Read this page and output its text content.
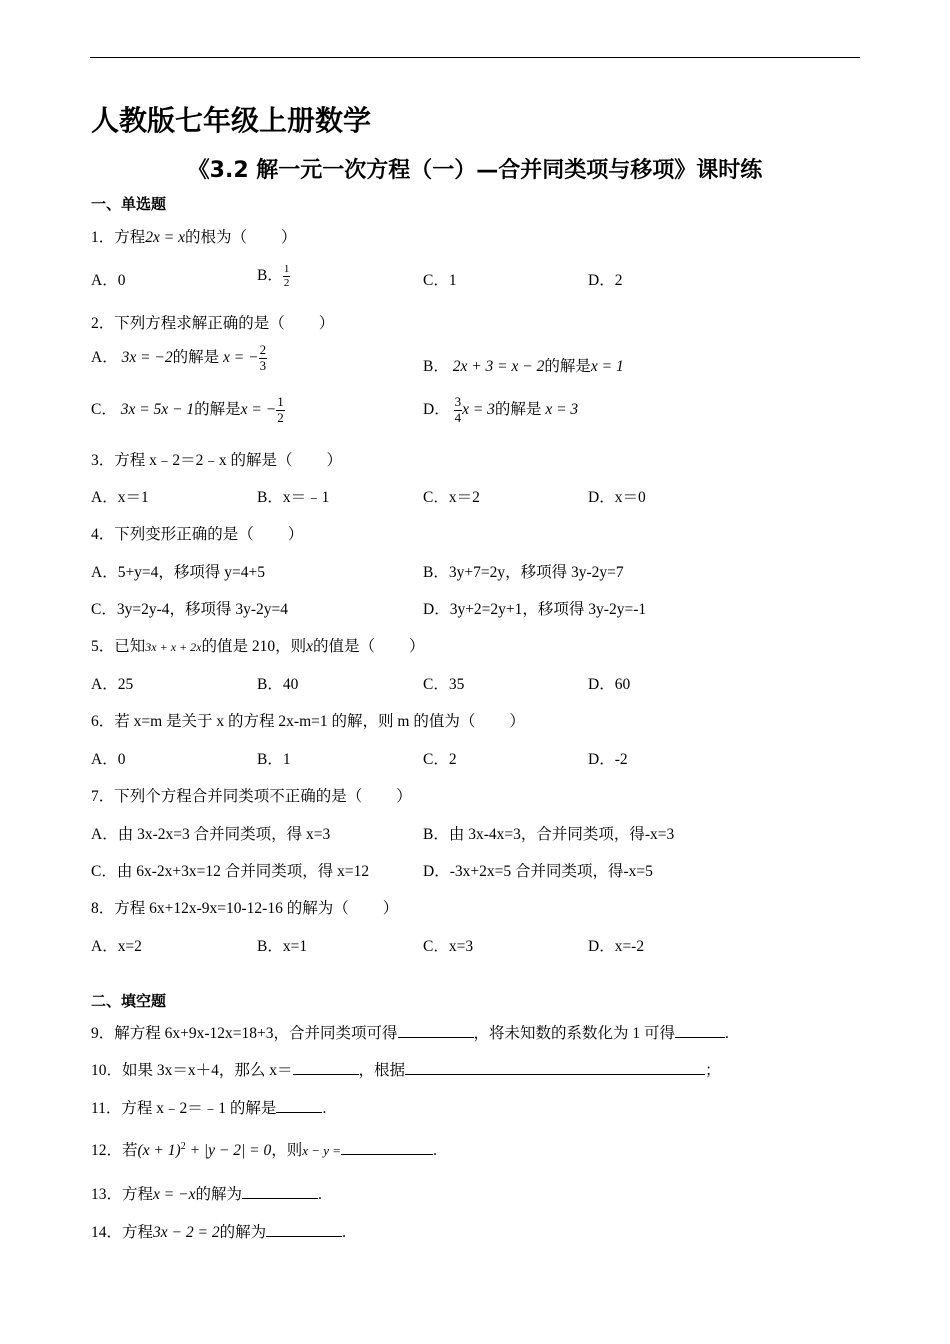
人教版七年级上册数学
《3.2 解一元一次方程（一）—合并同类项与移项》课时练
一、单选题
1．方程2x = x的根为（ ）
A．0	B． $\frac{1}{2}$	C．1	D．2
2．下列方程求解正确的是（ ）
A． 3x = −2的解是 x = − $\frac{2}{3}$	B． 2x + 3 = x − 2的解是x = 1
C． 3x = 5x − 1的解是x = − $\frac{1}{2}$	D． $\frac{3}{4}$ x = 3的解是 x = 3
3．方程 x﹣2＝2﹣x 的解是（ ）
A．x＝1	B．x＝﹣1	C．x＝2	D．x＝0
4．下列变形正确的是（ ）
A．5+y=4，移项得 y=4+5	B．3y+7=2y，移项得 3y-2y=7
C．3y=2y-4，移项得 3y-2y=4	D．3y+2=2y+1，移项得 3y-2y=-1
5．已知3x + x + 2x的值是 210，则x的值是（ ）
A．25	B．40	C．35	D．60
6．若 x=m 是关于 x 的方程 2x-m=1 的解，则 m 的值为（ ）
A．0	B．1	C．2	D．-2
7．下列个方程合并同类项不正确的是（ ）
A．由 3x-2x=3 合并同类项，得 x=3	B．由 3x-4x=3，合并同类项，得-x=3
C．由 6x-2x+3x=12 合并同类项，得 x=12	D．-3x+2x=5 合并同类项，得-x=5
8．方程 6x+12x-9x=10-12-16 的解为（ ）
A．x=2	B．x=1	C．x=3	D．x=-2
二、填空题
9．解方程 6x+9x-12x=18+3，合并同类项可得	，将未知数的系数化为 1 可得	.
10．如果 3x＝x＋4，那么 x＝	，根据	；
11．方程 x﹣2＝﹣1 的解是	.
12．若$(x + 1)^2 + |y - 2| = 0$，则x − y =	.
13．方程x = −x的解为	.
14．方程3x − 2 = 2的解为	.
